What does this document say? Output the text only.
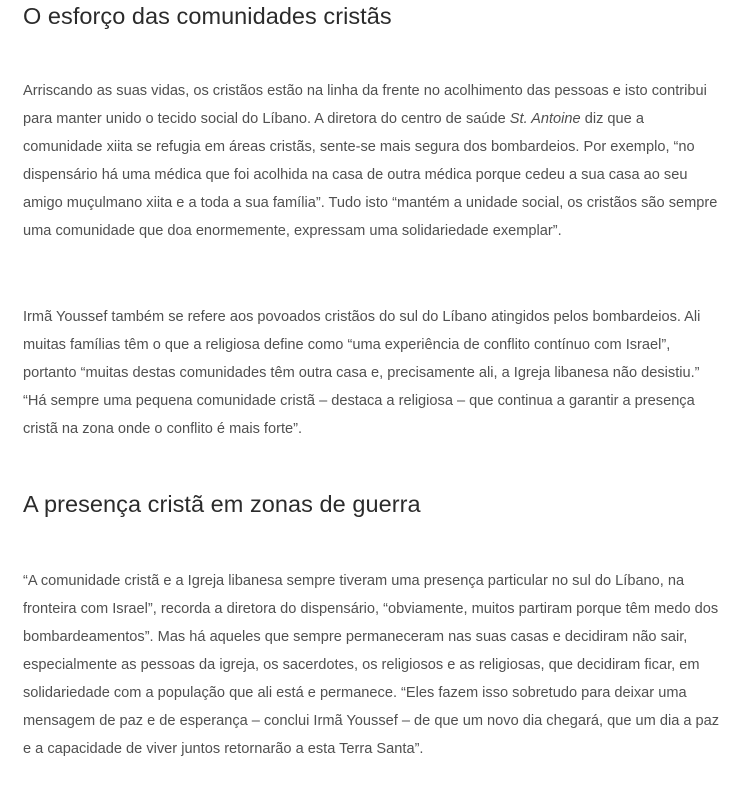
O esforço das comunidades cristãs

Arriscando as suas vidas, os cristãos estão na linha da frente no acolhimento das pessoas e isto contribui para manter unido o tecido social do Líbano. A diretora do centro de saúde St. Antoine diz que a comunidade xiita se refugia em áreas cristãs, sente-se mais segura dos bombardeios. Por exemplo, “no dispensário há uma médica que foi acolhida na casa de outra médica porque cedeu a sua casa ao seu amigo muçulmano xiita e a toda a sua família”. Tudo isto “mantém a unidade social, os cristãos são sempre uma comunidade que doa enormemente, expressam uma solidariedade exemplar”.

Irmã Youssef também se refere aos povoados cristãos do sul do Líbano atingidos pelos bombardeios. Ali muitas famílias têm o que a religiosa define como “uma experiência de conflito contínuo com Israel”, portanto “muitas destas comunidades têm outra casa e, precisamente ali, a Igreja libanesa não desistiu.” “Há sempre uma pequena comunidade cristã – destaca a religiosa – que continua a garantir a presença cristã na zona onde o conflito é mais forte”.

A presença cristã em zonas de guerra

“A comunidade cristã e a Igreja libanesa sempre tiveram uma presença particular no sul do Líbano, na fronteira com Israel”, recorda a diretora do dispensário, “obviamente, muitos partiram porque têm medo dos bombardeamentos”. Mas há aqueles que sempre permaneceram nas suas casas e decidiram não sair, especialmente as pessoas da igreja, os sacerdotes, os religiosos e as religiosas, que decidiram ficar, em solidariedade com a população que ali está e permanece. “Eles fazem isso sobretudo para deixar uma mensagem de paz e de esperança – conclui Irmã Youssef – de que um novo dia chegará, que um dia a paz e a capacidade de viver juntos retornarão a esta Terra Santa”.
